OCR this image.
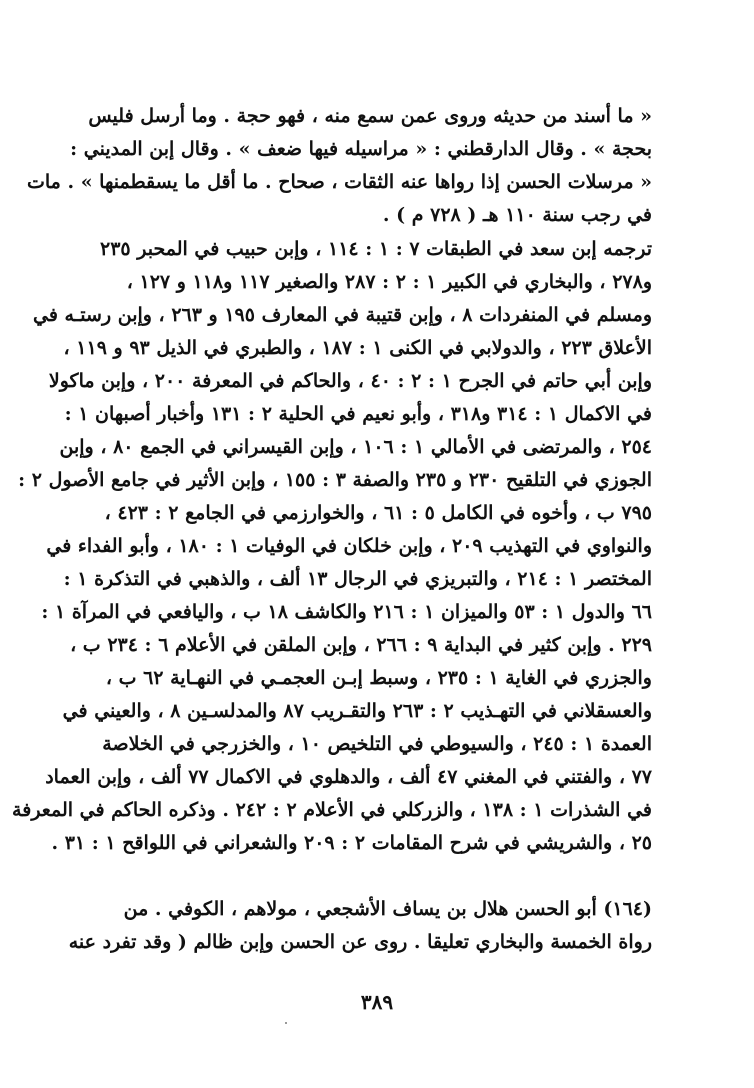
« ما أسند من حديثه وروى عمن سمع منه ، فهو حجة . وما أرسل فليس
بحجة » . وقال الدارقطني : « مراسيله فيها ضعف » . وقال إبن المديني :
« مرسلات الحسن إذا رواها عنه الثقات ، صحاح . ما أقل ما يسقطمنها » . مات
في رجب سنة ١١٠ هـ ( ٧٢٨ م ) .
ترجمه إبن سعد في الطبقات ٧ : ١ : ١١٤ ، وإبن حبيب في المحبر ٢٣٥
و٢٧٨ ، والبخاري في الكبير ١ : ٢ : ٢٨٧ والصغير ١١٧ و١١٨ و ١٢٧ ،
ومسلم في المنفردات ٨ ، وإبن قتيبة في المعارف ١٩٥ و ٢٦٣ ، وإبن رستـه في
الأعلاق ٢٢٣ ، والدولابي في الكنى ١ : ١٨٧ ، والطبري في الذيل ٩٣ و ١١٩ ،
وإبن أبي حاتم في الجرح ١ : ٢ : ٤٠ ، والحاكم في المعرفة ٢٠٠ ، وإبن ماكولا
في الاكمال ١ : ٣١٤ و٣١٨ ، وأبو نعيم في الحلية ٢ : ١٣١ وأخبار أصبهان ١ :
٢٥٤ ، والمرتضى في الأمالي ١ : ١٠٦ ، وإبن القيسراني في الجمع ٨٠ ، وإبن
الجوزي في التلقيح ٢٣٠ و ٢٣٥ والصفة ٣ : ١٥٥ ، وإبن الأثير في جامع الأصول ٢ :
٧٩٥ ب ، وأخوه في الكامل ٥ : ٦١ ، والخوارزمي في الجامع ٢ : ٤٢٣ ،
والنواوي في التهذيب ٢٠٩ ، وإبن خلكان في الوفيات ١ : ١٨٠ ، وأبو الفداء في
المختصر ١ : ٢١٤ ، والتبريزي في الرجال ١٣ ألف ، والذهبي في التذكرة ١ :
٦٦ والدول ١ : ٥٣ والميزان ١ : ٢١٦ والكاشف ١٨ ب ، واليافعي في المرآة ١ :
٢٢٩ . وإبن كثير في البداية ٩ : ٢٦٦ ، وإبن الملقن في الأعلام ٦ : ٢٣٤ ب ،
والجزري في الغاية ١ : ٢٣٥ ، وسبط إبـن العجمـي في النهـاية ٦٢ ب ،
والعسقلاني في التهـذيب ٢ : ٢٦٣ والتقـريب ٨٧ والمدلسـين ٨ ، والعيني في
العمدة ١ : ٢٤٥ ، والسيوطي في التلخيص ١٠ ، والخزرجي في الخلاصة
٧٧ ، والفتني في المغني ٤٧ ألف ، والدهلوي في الاكمال ٧٧ ألف ، وإبن العماد
في الشذرات ١ : ١٣٨ ، والزركلي في الأعلام ٢ : ٢٤٢ . وذكره الحاكم في المعرفة
٢٥ ، والشريشي في شرح المقامات ٢ : ٢٠٩ والشعراني في اللواقح ١ : ٣١ .
(١٦٤) أبو الحسن هلال بن يساف الأشجعي ، مولاهم ، الكوفي . من
رواة الخمسة والبخاري تعليقا . روى عن الحسن وإبن ظالم ( وقد تفرد عنه
٣٨٩
